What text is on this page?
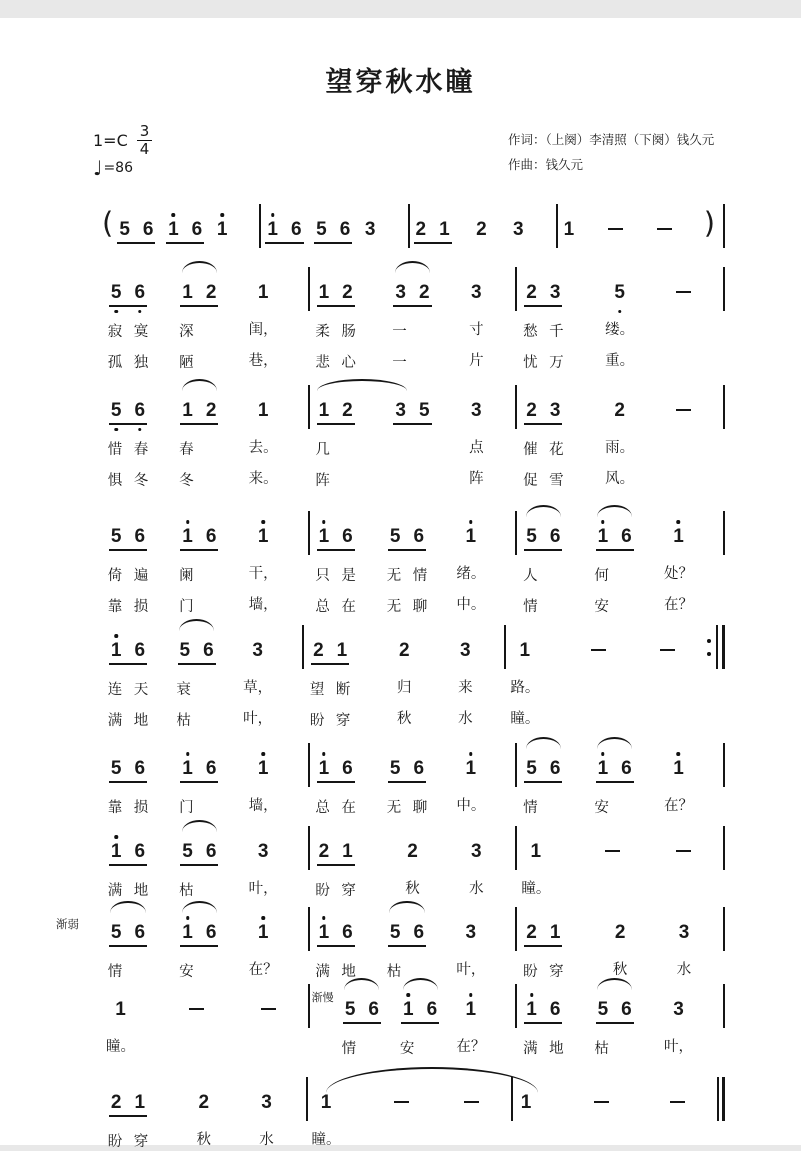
望穿秋水瞳
$1=C \frac{3}{4}$
♩ =86
作词：（上阕）李清照（下阕）钱久元
作曲：钱久元
( 5 6 1 6 1 1 6 5 6 3 2 1 2 3 1	)
5 6
寂 寞
孤 独
1 2
深
陋
1
闺，
巷，
1 2
柔 肠
悲 心
3 2
一
一
3
寸
片
2 3
愁 千
忧 万
5
缕。
重。
5 6
惜 春
惧 冬
1 2
春
冬
1
去。
来。
1 2
几
阵
3 5 3
点
阵
2 3
催 花
促 雪
2
雨。
风。
5 6
倚 遍
靠 损
1 6
阑
门
1
干，
墙，
1 6
只 是
总 在
5 6
无 情
无 聊
1
绪。
中。
5 6
人
情
1 6
何
安
1
处？
在？
1 6
连 天
满 地
5 6
衰
枯
3
草，
叶，
2 1
望 断
盼 穿
2
归
秋
3
来
水
1
路。
瞳。
5 6
靠 损
1 6
门
1
墙，
1 6
总 在
5 6
无 聊
1
中。
5 6
情
1 6
安
1
在？
1 6
满 地
5 6
枯
3
叶，
2 1
盼 穿
2
秋
3
水
1
瞳。
渐弱 5 6
情
1 6
安
1
在？
1 6
满 地
5 6
枯
3
叶，
2 1
盼 穿
2
秋
3
水
1
瞳。
渐慢
5 6
情
1 6
安
1
在？
1 6
满 地
5 6
枯
3
叶，
2 1
盼 穿
2
秋
3
水
1
瞳。
1
